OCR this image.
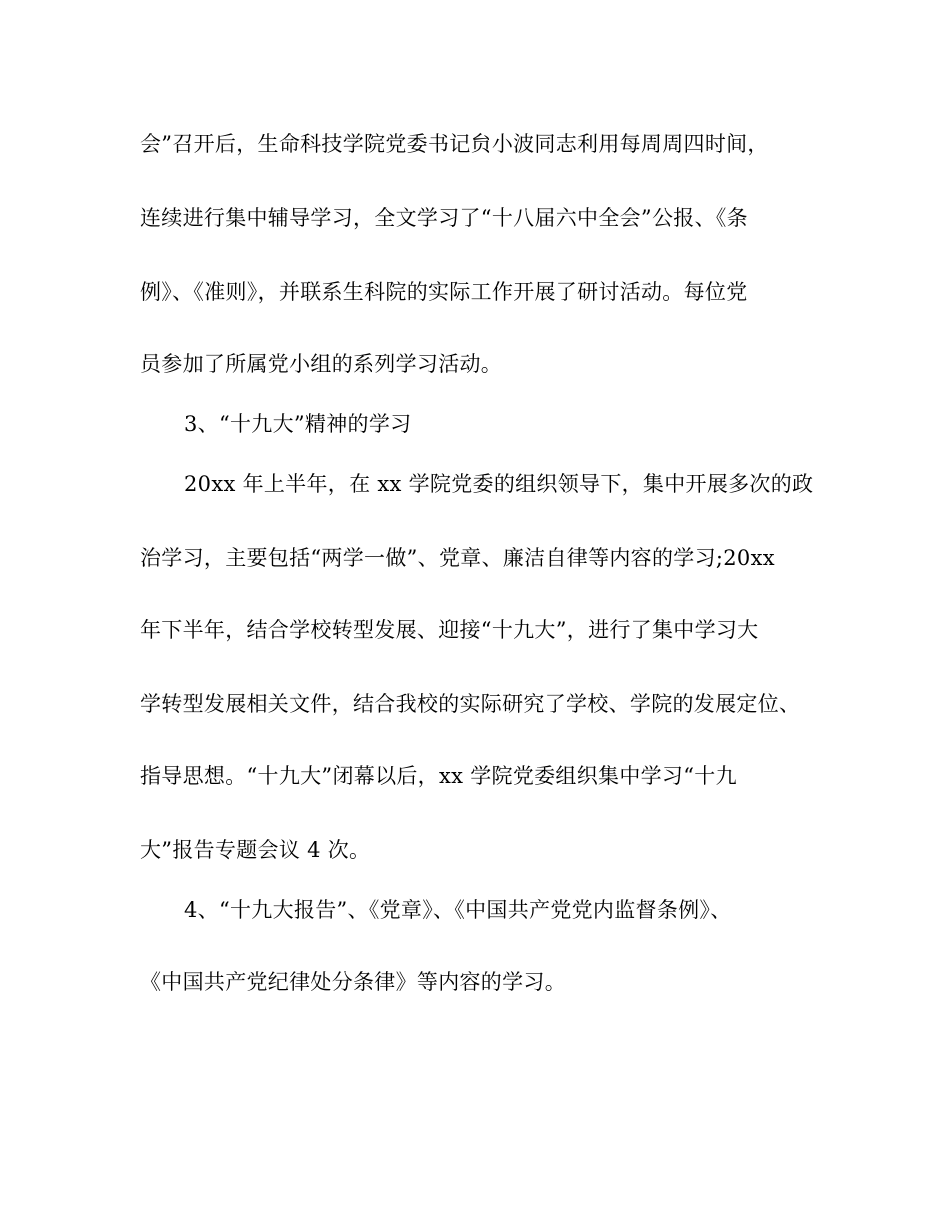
会”召开后，生命科技学院党委书记贠小波同志利用每周周四时间，
连续进行集中辅导学习，全文学习了“十八届六中全会”公报、《条
例》、《准则》，并联系生科院的实际工作开展了研讨活动。每位党
员参加了所属党小组的系列学习活动。
3、“十九大”精神的学习
20xx 年上半年，在 xx 学院党委的组织领导下，集中开展多次的政
治学习，主要包括“两学一做”、党章、廉洁自律等内容的学习;20xx
年下半年，结合学校转型发展、迎接“十九大”，进行了集中学习大
学转型发展相关文件，结合我校的实际研究了学校、学院的发展定位、
指导思想。“十九大”闭幕以后，xx 学院党委组织集中学习“十九
大”报告专题会议 4 次。
4、“十九大报告”、《党章》、《中国共产党党内监督条例》、
《中国共产党纪律处分条律》等内容的学习。
